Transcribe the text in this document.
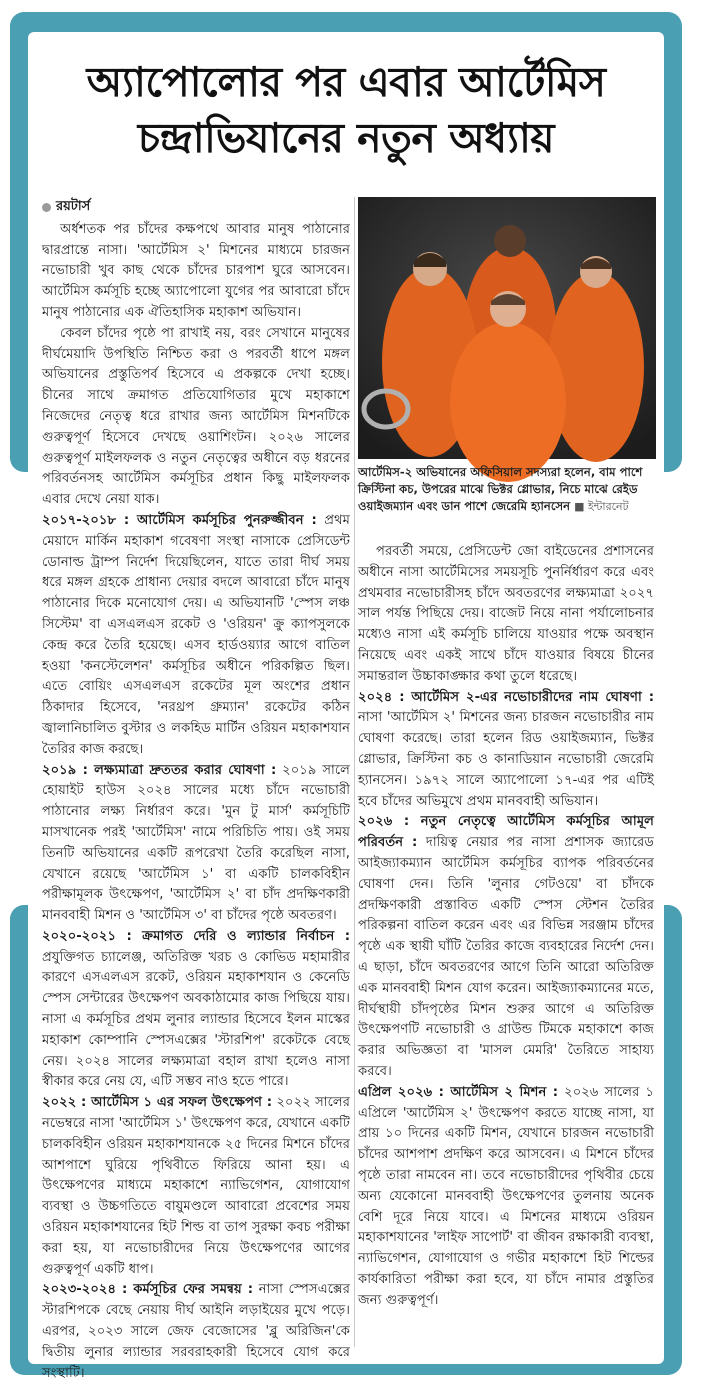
অ্যাপোলোর পর এবার আর্টেমিস
চন্দ্রাভিযানের নতুন অধ্যায়
রয়টার্স

অর্ধশতক পর চাঁদের কক্ষপথে আবার মানুষ পাঠানোর দ্বারপ্রান্তে নাসা। 'আর্টেমিস ২' মিশনের মাধ্যমে চারজন নভোচারী খুব কাছ থেকে চাঁদের চারপাশ ঘুরে আসবেন। আর্টেমিস কর্মসূচি হচ্ছে অ্যাপোলো যুগের পর আবারো চাঁদে মানুষ পাঠানোর এক ঐতিহাসিক মহাকাশ অভিযান।

কেবল চাঁদের পৃষ্ঠে পা রাখাই নয়, বরং সেখানে মানুষের দীর্ঘমেয়াদি উপস্থিতি নিশ্চিত করা ও পরবর্তী ধাপে মঙ্গল অভিযানের প্রস্তুতিপর্ব হিসেবে এ প্রকল্পকে দেখা হচ্ছে। চীনের সাথে ক্রমাগত প্রতিযোগিতার মুখে মহাকাশে নিজেদের নেতৃত্ব ধরে রাখার জন্য আর্টেমিস মিশনটিকে গুরুত্বপূর্ণ হিসেবে দেখছে ওয়াশিংটন। ২০২৬ সালের গুরুত্বপূর্ণ মাইলফলক ও নতুন নেতৃত্বের অধীনে বড় ধরনের পরিবর্তনসহ আর্টেমিস কর্মসূচির প্রধান কিছু মাইলফলক এবার দেখে নেয়া যাক।

২০১৭-২০১৮ : আর্টেমিস কর্মসূচির পুনরুজ্জীবন : প্রথম মেয়াদে মার্কিন মহাকাশ গবেষণা সংস্থা নাসাকে প্রেসিডেন্ট ডোনাল্ড ট্রাম্প নির্দেশ দিয়েছিলেন, যাতে তারা দীর্ঘ সময় ধরে মঙ্গল গ্রহকে প্রাধান্য দেয়ার বদলে আবারো চাঁদে মানুষ পাঠানোর দিকে মনোযোগ দেয়। এ অভিযানটি 'স্পেস লঞ্চ সিস্টেম' বা এসএলএস রকেট ও 'ওরিয়ন' ক্রু ক্যাপসুলকে কেন্দ্র করে তৈরি হয়েছে। এসব হার্ডওয়্যার আগে বাতিল হওয়া 'কনস্টেলেশন' কর্মসূচির অধীনে পরিকল্পিত ছিল। এতে বোয়িং এসএলএস রকেটের মূল অংশের প্রধান ঠিকাদার হিসেবে, 'নরথ্রপ গ্রুম্যান' রকেটের কঠিন জ্বালানিচালিত বুস্টার ও লকহিড মার্টিন ওরিয়ন মহাকাশযান তৈরির কাজ করছে।

২০১৯ : লক্ষ্যমাত্রা দ্রুততর করার ঘোষণা : ২০১৯ সালে হোয়াইট হাউস ২০২৪ সালের মধ্যে চাঁদে নভোচারী পাঠানোর লক্ষ্য নির্ধারণ করে। 'মুন টু মার্স' কর্মসূচিটি মাসখানেক পরই 'আর্টেমিস' নামে পরিচিতি পায়। ওই সময় তিনটি অভিযানের একটি রূপরেখা তৈরি করেছিল নাসা, যেখানে রয়েছে 'আর্টেমিস ১' বা একটি চালকবিহীন পরীক্ষামূলক উৎক্ষেপণ, 'আর্টেমিস ২' বা চাঁদ প্রদক্ষিণকারী মানববাহী মিশন ও 'আর্টেমিস ৩' বা চাঁদের পৃষ্ঠে অবতরণ।

২০২০-২০২১ : ক্রমাগত দেরি ও ল্যান্ডার নির্বাচন : প্রযুক্তিগত চ্যালেঞ্জ, অতিরিক্ত খরচ ও কোভিড মহামারীর কারণে এসএলএস রকেট, ওরিয়ন মহাকাশযান ও কেনেডি স্পেস সেন্টারের উৎক্ষেপণ অবকাঠামোর কাজ পিছিয়ে যায়। নাসা এ কর্মসূচির প্রথম লুনার ল্যান্ডার হিসেবে ইলন মাস্কের মহাকাশ কোম্পানি স্পেসএক্সের 'স্টারশিপ' রকেটকে বেছে নেয়। ২০২৪ সালের লক্ষ্যমাত্রা বহাল রাখা হলেও নাসা স্বীকার করে নেয় যে, এটি সম্ভব নাও হতে পারে।

২০২২ : আর্টেমিস ১ এর সফল উৎক্ষেপণ : ২০২২ সালের নভেম্বরে নাসা 'আর্টেমিস ১' উৎক্ষেপণ করে, যেখানে একটি চালকবিহীন ওরিয়ন মহাকাশযানকে ২৫ দিনের মিশনে চাঁদের আশপাশে ঘুরিয়ে পৃথিবীতে ফিরিয়ে আনা হয়। এ উৎক্ষেপণের মাধ্যমে মহাকাশে ন্যাভিগেশন, যোগাযোগ ব্যবস্থা ও উচ্চগতিতে বায়ুমণ্ডলে আবারো প্রবেশের সময় ওরিয়ন মহাকাশযানের হিট শিল্ড বা তাপ সুরক্ষা কবচ পরীক্ষা করা হয়, যা নভোচারীদের নিয়ে উৎক্ষেপণের আগের গুরুত্বপূর্ণ একটি ধাপ।

২০২৩-২০২৪ : কর্মসূচির ফের সমন্বয় : নাসা স্পেসএক্সের স্টারশিপকে বেছে নেয়ায় দীর্ঘ আইনি লড়াইয়ের মুখে পড়ে। এরপর, ২০২৩ সালে জেফ বেজোসের 'ব্লু অরিজিন'কে দ্বিতীয় লুনার ল্যান্ডার সরবরাহকারী হিসেবে যোগ করে সংস্থাটি।

আর্টেমিস-২ অভিযানের অফিসিয়াল সদস্যরা হলেন, বাম পাশে ক্রিস্টিনা কচ, উপরের মাঝে ভিক্টর গ্লোভার, নিচে মাঝে রেইড ওয়াইজম্যান এবং ডান পাশে জেরেমি হ্যানসেন ■ ইন্টারনেট

পরবর্তী সময়ে, প্রেসিডেন্ট জো বাইডেনের প্রশাসনের অধীনে নাসা আর্টেমিসের সময়সূচি পুনর্নির্ধারণ করে এবং প্রথমবার নভোচারীসহ চাঁদে অবতরণের লক্ষ্যমাত্রা ২০২৭ সাল পর্যন্ত পিছিয়ে দেয়। বাজেট নিয়ে নানা পর্যালোচনার মধ্যেও নাসা এই কর্মসূচি চালিয়ে যাওয়ার পক্ষে অবস্থান নিয়েছে এবং একই সাথে চাঁদে যাওয়ার বিষয়ে চীনের সমান্তরাল উচ্চাকাঙ্ক্ষার কথা তুলে ধরেছে।

২০২৪ : আর্টেমিস ২-এর নভোচারীদের নাম ঘোষণা : নাসা 'আর্টেমিস ২' মিশনের জন্য চারজন নভোচারীর নাম ঘোষণা করেছে। তারা হলেন রিড ওয়াইজম্যান, ভিক্টর গ্লোভার, ক্রিস্টিনা কচ ও কানাডিয়ান নভোচারী জেরেমি হ্যানসেন। ১৯৭২ সালে অ্যাপোলো ১৭-এর পর এটিই হবে চাঁদের অভিমুখে প্রথম মানববাহী অভিযান।

২০২৬ : নতুন নেতৃত্বে আর্টেমিস কর্মসূচির আমূল পরিবর্তন : দায়িত্ব নেয়ার পর নাসা প্রশাসক জ্যারেড আইজ্যাকম্যান আর্টেমিস কর্মসূচির ব্যাপক পরিবর্তনের ঘোষণা দেন। তিনি 'লুনার গেটওয়ে' বা চাঁদকে প্রদক্ষিণকারী প্রস্তাবিত একটি স্পেস স্টেশন তৈরির পরিকল্পনা বাতিল করেন এবং এর বিভিন্ন সরঞ্জাম চাঁদের পৃষ্ঠে এক স্থায়ী ঘাঁটি তৈরির কাজে ব্যবহারের নির্দেশ দেন। এ ছাড়া, চাঁদে অবতরণের আগে তিনি আরো অতিরিক্ত এক মানববাহী মিশন যোগ করেন। আইজ্যাকম্যানের মতে, দীর্ঘস্থায়ী চাঁদপৃষ্ঠের মিশন শুরুর আগে এ অতিরিক্ত উৎক্ষেপণটি নভোচারী ও গ্রাউন্ড টিমকে মহাকাশে কাজ করার অভিজ্ঞতা বা 'মাসল মেমরি' তৈরিতে সাহায্য করবে।

এপ্রিল ২০২৬ : আর্টেমিস ২ মিশন : ২০২৬ সালের ১ এপ্রিলে 'আর্টেমিস ২' উৎক্ষেপণ করতে যাচ্ছে নাসা, যা প্রায় ১০ দিনের একটি মিশন, যেখানে চারজন নভোচারী চাঁদের আশপাশ প্রদক্ষিণ করে আসবেন। এ মিশনে চাঁদের পৃষ্ঠে তারা নামবেন না। তবে নভোচারীদের পৃথিবীর চেয়ে অন্য যেকোনো মানববাহী উৎক্ষেপণের তুলনায় অনেক বেশি দূরে নিয়ে যাবে। এ মিশনের মাধ্যমে ওরিয়ন মহাকাশযানের 'লাইফ সাপোর্ট' বা জীবন রক্ষাকারী ব্যবস্থা, ন্যাভিগেশন, যোগাযোগ ও গভীর মহাকাশে হিট শিল্ডের কার্যকারিতা পরীক্ষা করা হবে, যা চাঁদে নামার প্রস্তুতির জন্য গুরুত্বপূর্ণ।
